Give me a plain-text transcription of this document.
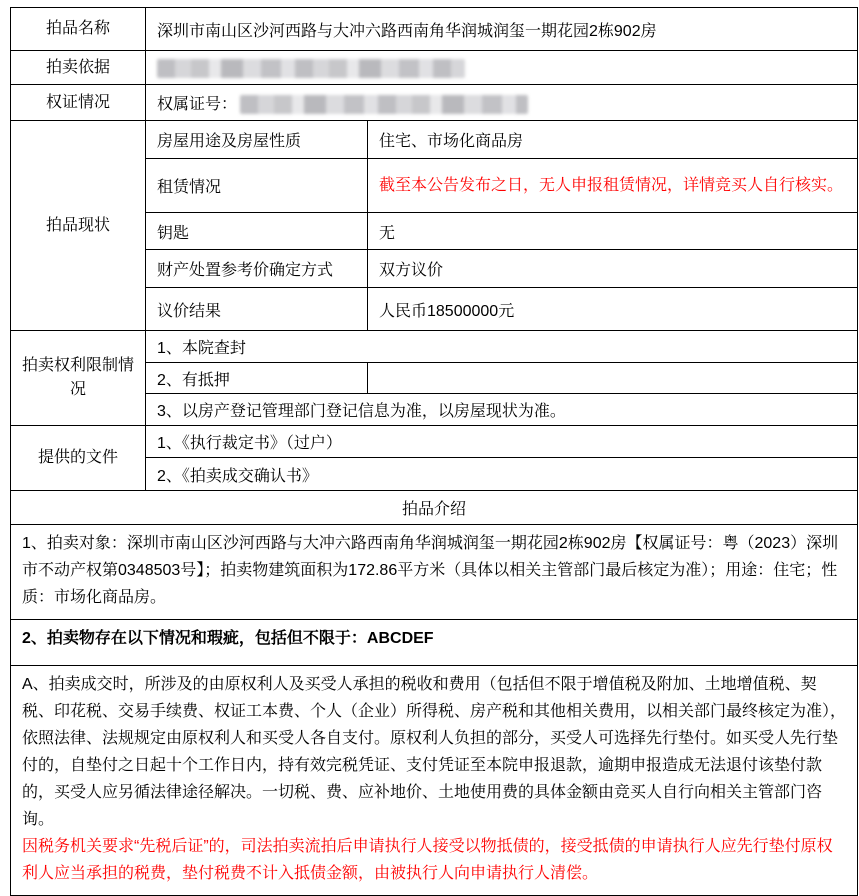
拍品名称	深圳市南山区沙河西路与大冲六路西南角华润城润玺一期花园2栋902房	
拍卖依据		
权证情况	权属证号：	
拍品现状	房屋用途及房屋性质	住宅、市场化商品房
	租赁情况	截至本公告发布之日，无人申报租赁情况，详情竞买人自行核实。
	钥匙	无
	财产处置参考价确定方式	双方议价
	议价结果	人民币18500000元
拍卖权利限制情况	1、本院查封	
	2、有抵押	
	3、以房产登记管理部门登记信息为准，以房屋现状为准。	
提供的文件	1、《执行裁定书》（过户）	
	2、《拍卖成交确认书》	
拍品介绍		
1、拍卖对象：深圳市南山区沙河西路与大冲六路西南角华润城润玺一期花园2栋902房【权属证号：粤（2023）深圳市不动产权第0348503号】；拍卖物建筑面积为172.86平方米（具体以相关主管部门最后核定为准）；用途：住宅；性质：市场化商品房。		
2、拍卖物存在以下情况和瑕疵，包括但不限于：ABCDEF		

A、拍卖成交时，所涉及的由原权利人及买受人承担的税收和费用（包括但不限于增值税及附加、土地增值税、契税、印花税、交易手续费、权证工本费、个人（企业）所得税、房产税和其他相关费用，以相关部门最终核定为准），依照法律、法规规定由原权利人和买受人各自支付。原权利人负担的部分，买受人可选择先行垫付。如买受人先行垫付的，自垫付之日起十个工作日内，持有效完税凭证、支付凭证至本院申报退款，逾期申报造成无法退付该垫付款的，买受人应另循法律途径解决。一切税、费、应补地价、土地使用费的具体金额由竞买人自行向相关主管部门咨询。
因税务机关要求“先税后证”的，司法拍卖流拍后申请执行人接受以物抵债的，接受抵债的申请执行人应先行垫付原权利人应当承担的税费，垫付税费不计入抵债金额，由被执行人向申请执行人清偿。		
